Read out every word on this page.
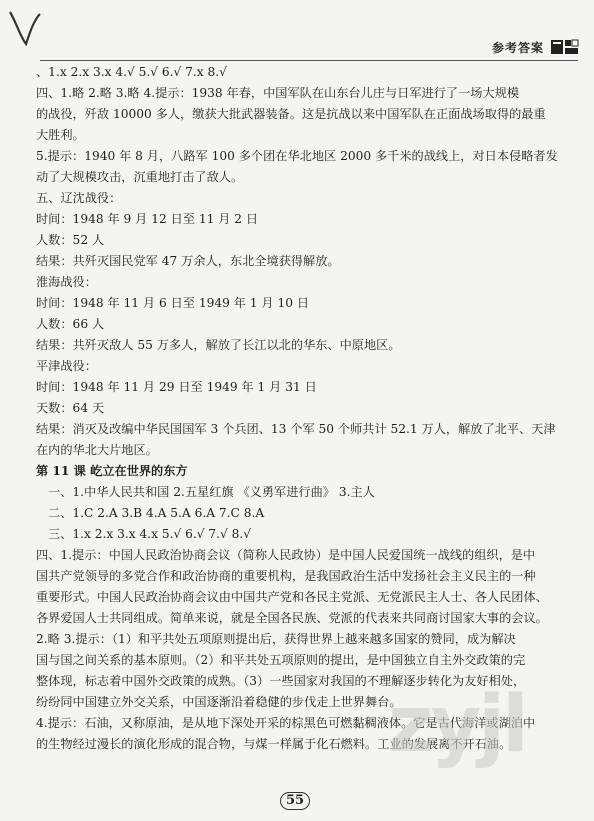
参考答案
、1.x 2.x 3.x 4.√ 5.√ 6.√ 7.x 8.√
四、1.略 2.略 3.略 4.提示：1938 年春，中国军队在山东台儿庄与日军进行了一场大规模
的战役，歼敌 10000 多人，缴获大批武器装备。这是抗战以来中国军队在正面战场取得的最重
大胜利。
5.提示：1940 年 8 月，八路军 100 多个团在华北地区 2000 多千米的战线上，对日本侵略者发
动了大规模攻击，沉重地打击了敌人。
五、辽沈战役：
时间：1948 年 9 月 12 日至 11 月 2 日
人数：52 人
结果：共歼灭国民党军 47 万余人，东北全境获得解放。
淮海战役：
时间：1948 年 11 月 6 日至 1949 年 1 月 10 日
人数：66 人
结果：共歼灭敌人 55 万多人，解放了长江以北的华东、中原地区。
平津战役：
时间：1948 年 11 月 29 日至 1949 年 1 月 31 日
天数：64 天
结果：消灭及改编中华民国国军 3 个兵团、13 个军 50 个师共计 52.1 万人，解放了北平、天津
在内的华北大片地区。
第 11 课 屹立在世界的东方
一、1.中华人民共和国 2.五星红旗 《义勇军进行曲》 3.主人
二、1.C 2.A 3.B 4.A 5.A 6.A 7.C 8.A
三、1.x 2.x 3.x 4.x 5.√ 6.√ 7.√ 8.√
四、1.提示：中国人民政治协商会议（简称人民政协）是中国人民爱国统一战线的组织，是中
国共产党领导的多党合作和政治协商的重要机构，是我国政治生活中发扬社会主义民主的一种
重要形式。中国人民政治协商会议由中国共产党和各民主党派、无党派民主人士、各人民团体、
各界爱国人士共同组成。简单来说，就是全国各民族、党派的代表来共同商讨国家大事的会议。
2.略 3.提示：（1）和平共处五项原则提出后，获得世界上越来越多国家的赞同，成为解决
国与国之间关系的基本原则。（2）和平共处五项原则的提出，是中国独立自主外交政策的完
整体现，标志着中国外交政策的成熟。（3）一些国家对我国的不理解逐步转化为友好相处，
纷纷同中国建立外交关系，中国逐渐沿着稳健的步伐走上世界舞台。
4.提示：石油，又称原油，是从地下深处开采的棕黑色可燃黏稠液体。它是古代海洋或湖泊中
的生物经过漫长的演化形成的混合物，与煤一样属于化石燃料。工业的发展离不开石油。
zyjl
55
